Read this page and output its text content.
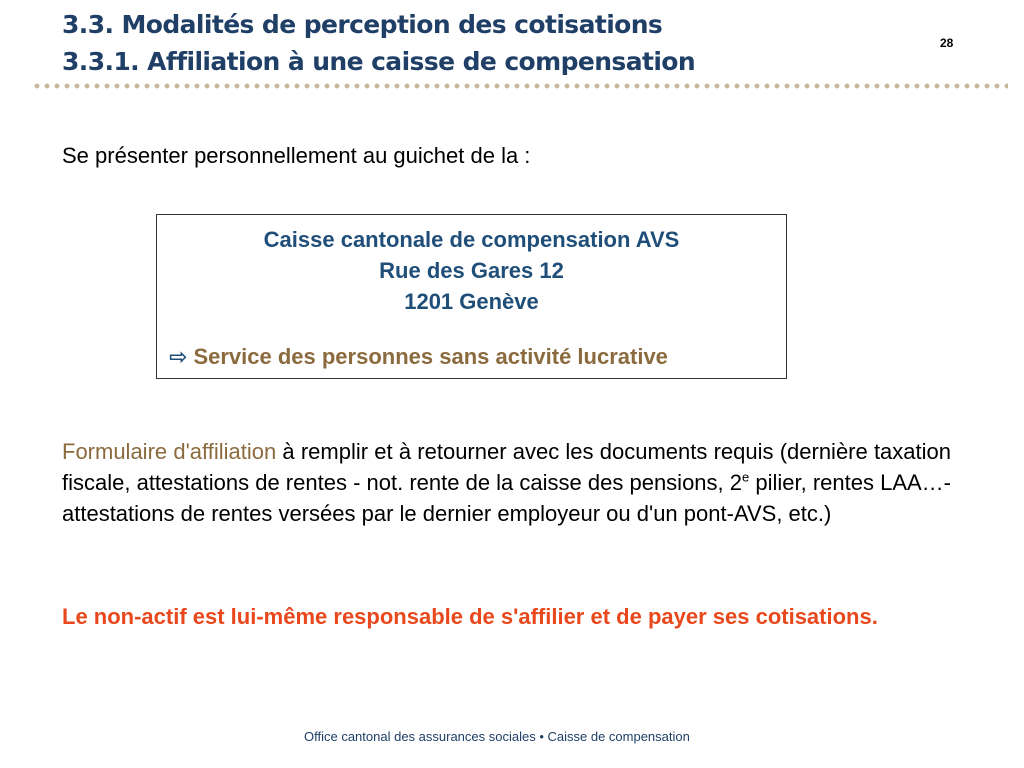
3.3. Modalités de perception des cotisations
3.3.1. Affiliation à une caisse de compensation
28
Se présenter personnellement au guichet de la :
Caisse cantonale de compensation AVS
Rue des Gares 12
1201 Genève
⇨ Service des personnes sans activité lucrative
Formulaire d'affiliation à remplir et à retourner avec les documents requis (dernière taxation fiscale, attestations de rentes - not. rente de la caisse des pensions, 2e pilier, rentes LAA…- attestations de rentes versées par le dernier employeur ou d'un pont-AVS, etc.)
Le non-actif est lui-même responsable de s'affilier et de payer ses cotisations.
Office cantonal des assurances sociales • Caisse de compensation
